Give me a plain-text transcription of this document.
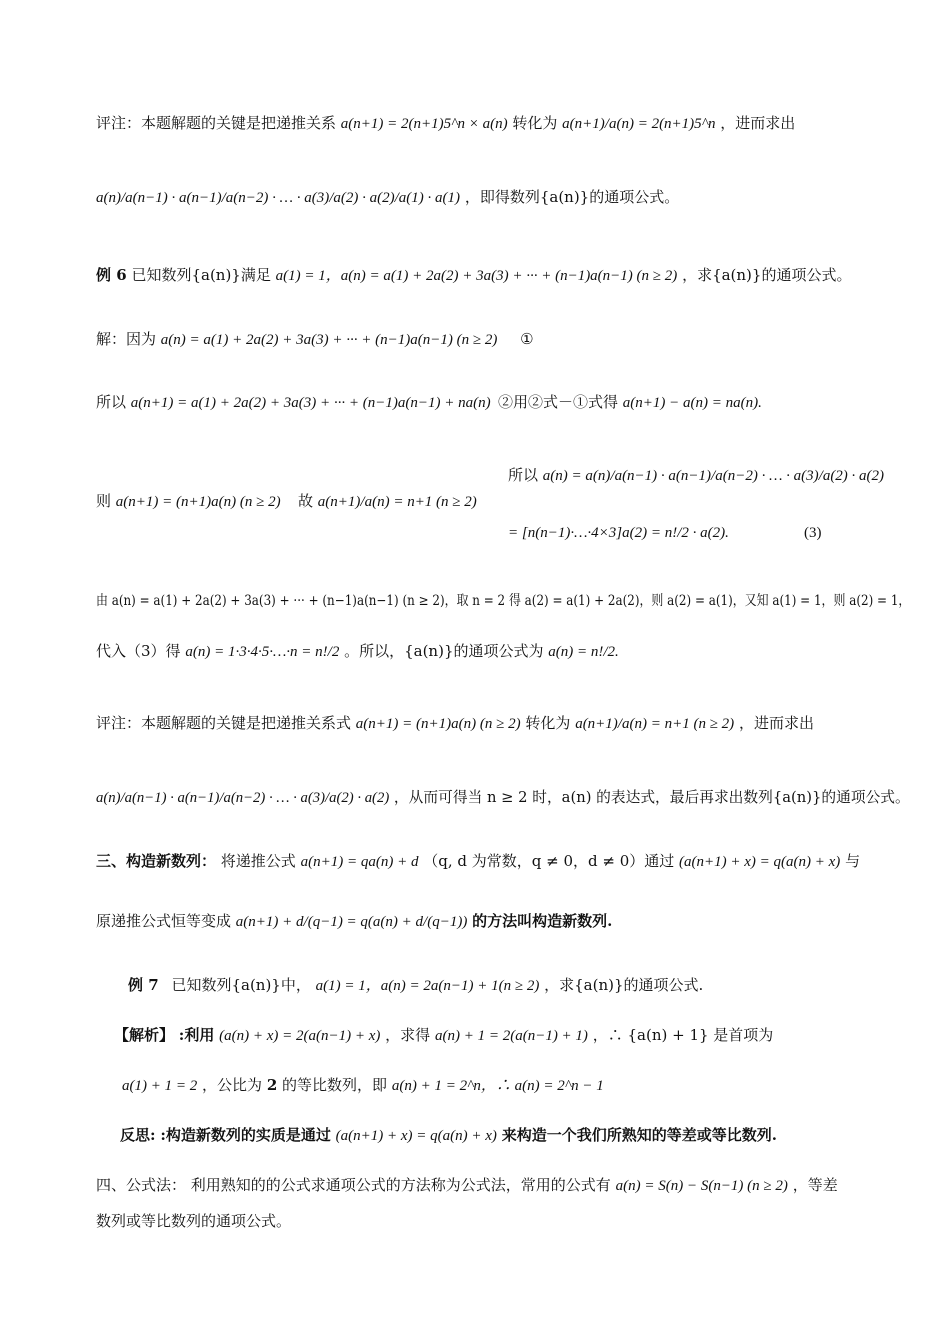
评注：本题解题的关键是把递推关系 a(n+1) = 2(n+1)5^n × a(n) 转化为 a(n+1)/a(n) = 2(n+1)5^n ，进而求出
a(n)/a(n−1) · a(n−1)/a(n−2) · … · a(3)/a(2) · a(2)/a(1) · a(1) ，即得数列{a(n)}的通项公式。
例 6 已知数列{a(n)}满足 a(1) = 1，a(n) = a(1) + 2a(2) + 3a(3) + ··· + (n−1)a(n−1) (n ≥ 2) ，求{a(n)}的通项公式。
解：因为 a(n) = a(1) + 2a(2) + 3a(3) + ··· + (n−1)a(n−1) (n ≥ 2) ①
所以 a(n+1) = a(1) + 2a(2) + 3a(3) + ··· + (n−1)a(n−1) + na(n) ②用②式－①式得 a(n+1) − a(n) = na(n).
则 a(n+1) = (n+1)a(n) (n ≥ 2) 故 a(n+1)/a(n) = n+1 (n ≥ 2)
所以 a(n) = a(n)/a(n−1) · a(n−1)/a(n−2) · … · a(3)/a(2) · a(2)
= [n(n−1)·…·4×3]a(2) = n!/2 · a(2).	(3)
由 a(n) = a(1) + 2a(2) + 3a(3) + ··· + (n−1)a(n−1) (n ≥ 2)，取 n = 2 得 a(2) = a(1) + 2a(2)，则 a(2) = a(1)，又知 a(1) = 1，则 a(2) = 1，
代入（3）得 a(n) = 1·3·4·5·…·n = n!/2 。所以，{a(n)}的通项公式为 a(n) = n!/2.
评注：本题解题的关键是把递推关系式 a(n+1) = (n+1)a(n) (n ≥ 2) 转化为 a(n+1)/a(n) = n+1 (n ≥ 2) ，进而求出
a(n)/a(n−1) · a(n−1)/a(n−2) · … · a(3)/a(2) · a(2) ，从而可得当 n ≥ 2 时，a(n) 的表达式，最后再求出数列{a(n)}的通项公式。
三、构造新数列： 将递推公式 a(n+1) = qa(n) + d （q, d 为常数，q ≠ 0，d ≠ 0）通过 (a(n+1) + x) = q(a(n) + x) 与
原递推公式恒等变成 a(n+1) + d/(q−1) = q(a(n) + d/(q−1)) 的方法叫构造新数列.
例 7 已知数列{a(n)}中， a(1) = 1，a(n) = 2a(n−1) + 1(n ≥ 2) ，求{a(n)}的通项公式.
【解析】 :利用 (a(n) + x) = 2(a(n−1) + x) ，求得 a(n) + 1 = 2(a(n−1) + 1) ，∴ {a(n) + 1} 是首项为
a(1) + 1 = 2 ，公比为 2 的等比数列，即 a(n) + 1 = 2^n，∴ a(n) = 2^n − 1
反思: :构造新数列的实质是通过 (a(n+1) + x) = q(a(n) + x) 来构造一个我们所熟知的等差或等比数列.
四、公式法： 利用熟知的的公式求通项公式的方法称为公式法，常用的公式有 a(n) = S(n) − S(n−1) (n ≥ 2) ，等差
数列或等比数列的通项公式。
